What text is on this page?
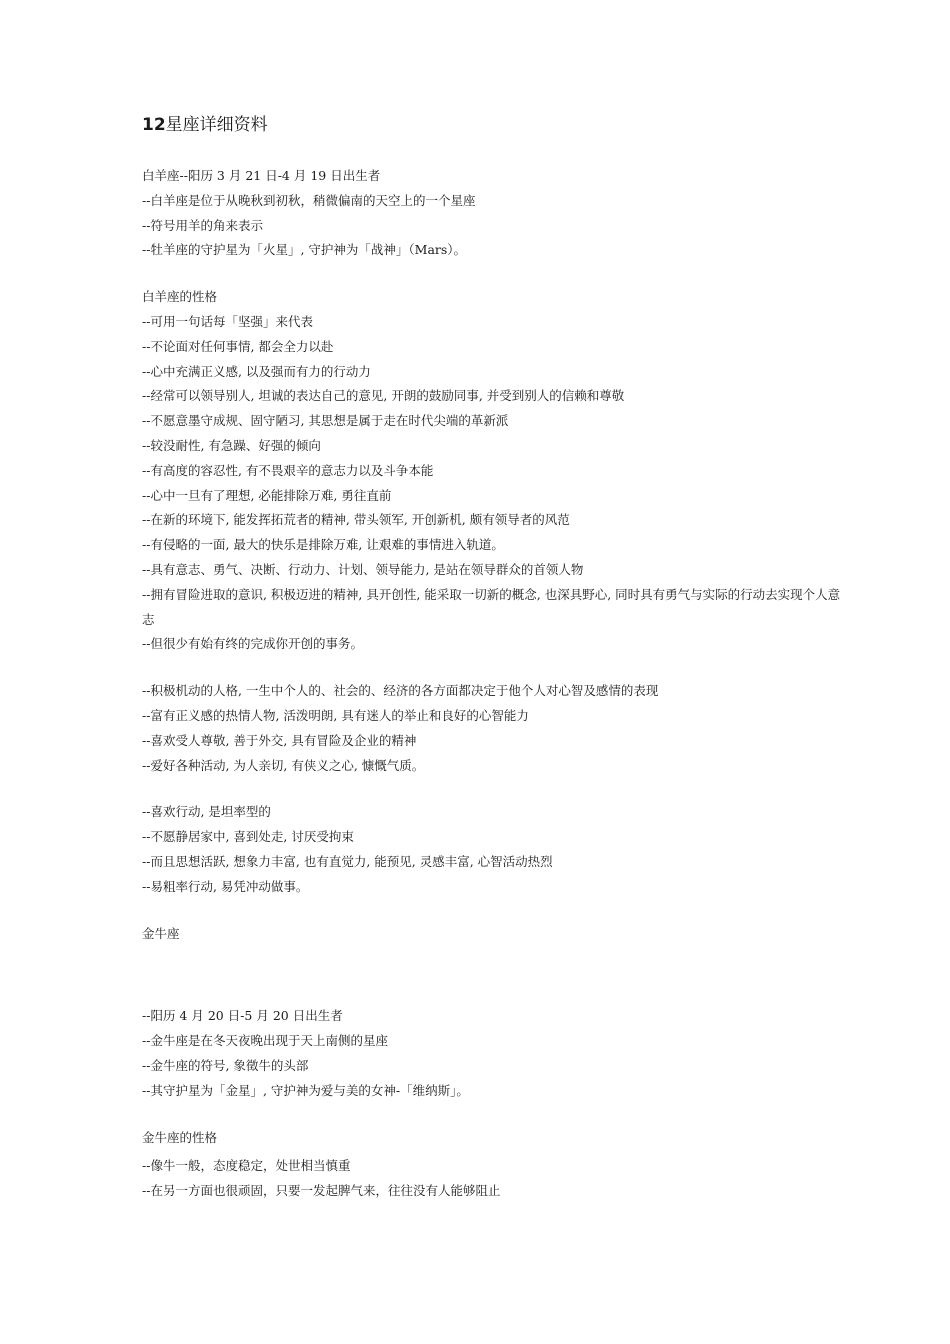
12星座详细资料
白羊座--阳历 3 月 21 日-4 月 19 日出生者
--白羊座是位于从晚秋到初秋，稍微偏南的天空上的一个星座
--符号用羊的角来表示
--牡羊座的守护星为「火星」, 守护神为「战神」（Mars）。
白羊座的性格
--可用一句话每「坚强」来代表
--不论面对任何事情, 都会全力以赴
--心中充满正义感, 以及强而有力的行动力
--经常可以领导别人, 坦诚的表达自己的意见, 开朗的鼓励同事, 并受到别人的信赖和尊敬
--不愿意墨守成规、固守陋习, 其思想是属于走在时代尖端的革新派
--较没耐性, 有急躁、好强的倾向
--有高度的容忍性, 有不畏艰辛的意志力以及斗争本能
--心中一旦有了理想, 必能排除万难, 勇往直前
--在新的环境下, 能发挥拓荒者的精神, 带头领军, 开创新机, 颇有领导者的风范
--有侵略的一面, 最大的快乐是排除万难, 让艰难的事情进入轨道。
--具有意志、勇气、决断、行动力、计划、领导能力, 是站在领导群众的首领人物
--拥有冒险进取的意识, 积极迈进的精神, 具开创性, 能采取一切新的概念, 也深具野心, 同时具有勇气与实际的行动去实现个人意志
--但很少有始有终的完成你开创的事务。
--积极机动的人格, 一生中个人的、社会的、经济的各方面都决定于他个人对心智及感情的表现
--富有正义感的热情人物, 活泼明朗, 具有迷人的举止和良好的心智能力
--喜欢受人尊敬, 善于外交, 具有冒险及企业的精神
--爱好各种活动, 为人亲切, 有侠义之心, 慷慨气质。
--喜欢行动, 是坦率型的
--不愿静居家中, 喜到处走, 讨厌受拘束
--而且思想活跃, 想象力丰富, 也有直觉力, 能预见, 灵感丰富, 心智活动热烈
--易粗率行动, 易凭冲动做事。
金牛座
--阳历 4 月 20 日-5 月 20 日出生者
--金牛座是在冬天夜晚出现于天上南侧的星座
--金牛座的符号, 象徵牛的头部
--其守护星为「金星」, 守护神为爱与美的女神-「维纳斯」。
金牛座的性格
--像牛一般，态度稳定，处世相当慎重
--在另一方面也很顽固，只要一发起脾气来，往往没有人能够阻止
